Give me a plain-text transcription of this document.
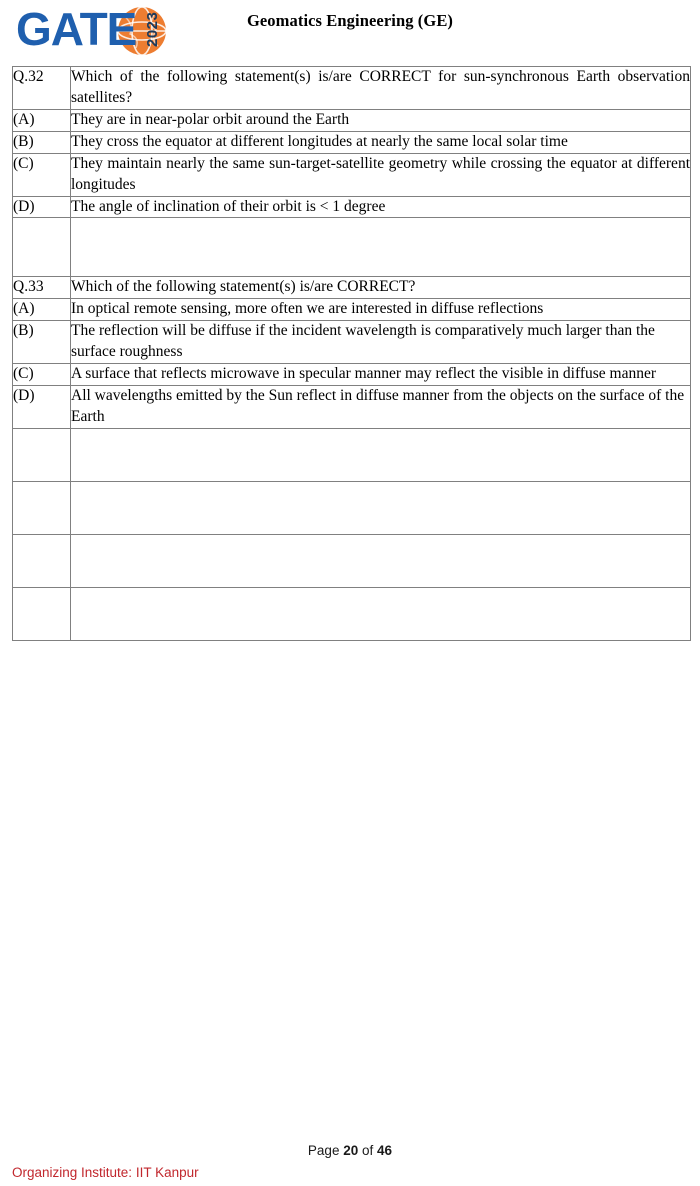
GATE 2023	Geomatics Engineering (GE)
Q.32	Which of the following statement(s) is/are CORRECT for sun-synchronous Earth observation satellites?
(A)	They are in near-polar orbit around the Earth
(B)	They cross the equator at different longitudes at nearly the same local solar time
(C)	They maintain nearly the same sun-target-satellite geometry while crossing the equator at different longitudes
(D)	The angle of inclination of their orbit is < 1 degree

Q.33	Which of the following statement(s) is/are CORRECT?
(A)	In optical remote sensing, more often we are interested in diffuse reflections
(B)	The reflection will be diffuse if the incident wavelength is comparatively much larger than the surface roughness
(C)	A surface that reflects microwave in specular manner may reflect the visible in diffuse manner
(D)	All wavelengths emitted by the Sun reflect in diffuse manner from the objects on the surface of the Earth

Page 20 of 46
Organizing Institute: IIT Kanpur
